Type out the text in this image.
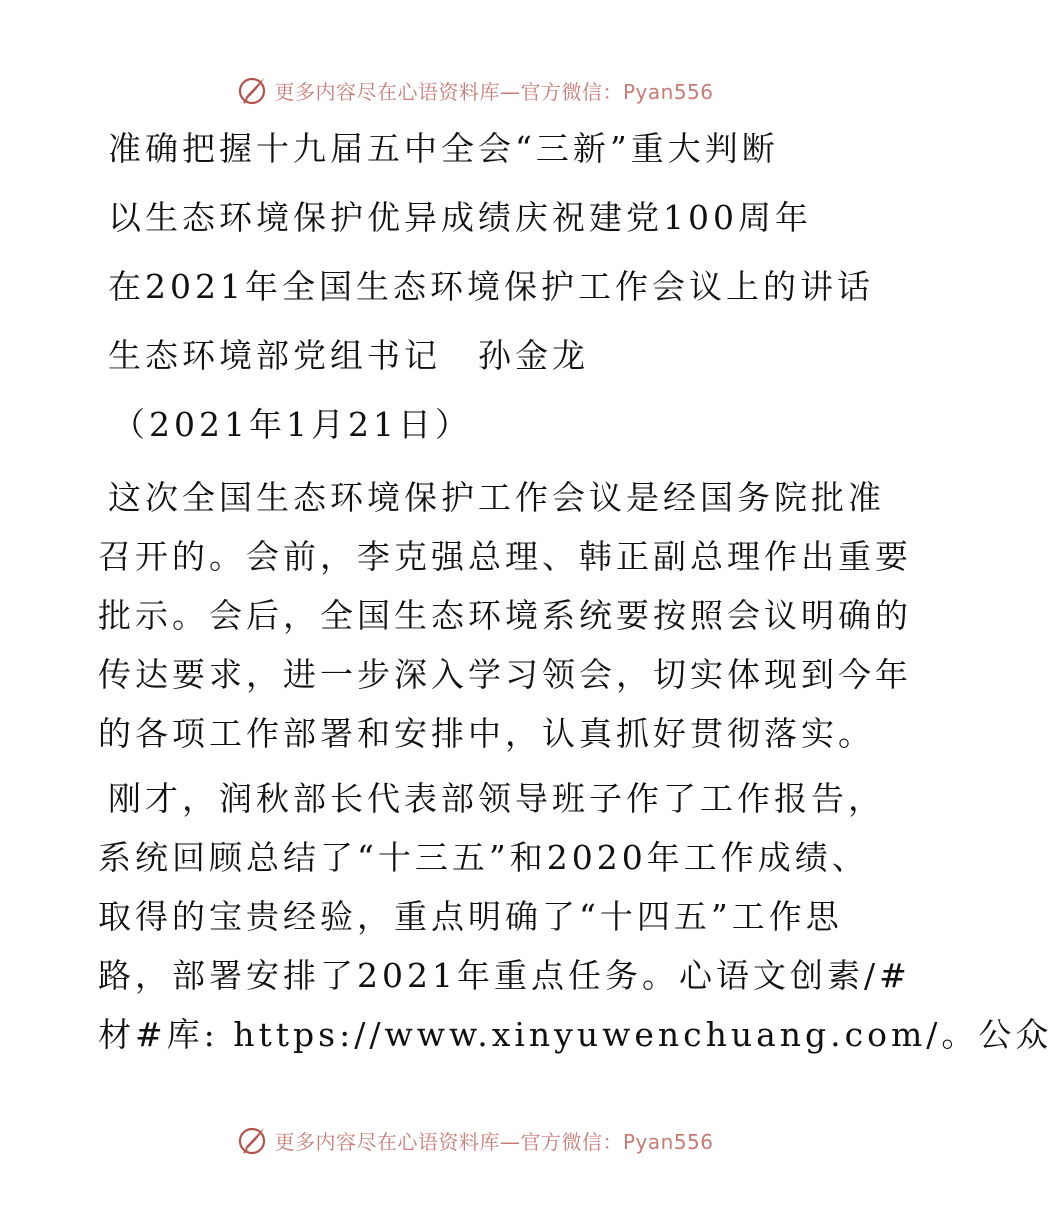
更多内容尽在心语资料库—官方微信：Pyan556
准确把握十九届五中全会“三新”重大判断
以生态环境保护优异成绩庆祝建党100周年
在2021年全国生态环境保护工作会议上的讲话
生态环境部党组书记　孙金龙
（2021年1月21日）
这次全国生态环境保护工作会议是经国务院批准
召开的。会前，李克强总理、韩正副总理作出重要
批示。会后，全国生态环境系统要按照会议明确的
传达要求，进一步深入学习领会，切实体现到今年
的各项工作部署和安排中，认真抓好贯彻落实。
刚才，润秋部长代表部领导班子作了工作报告，
系统回顾总结了“十三五”和2020年工作成绩、
取得的宝贵经验，重点明确了“十四五”工作思
路，部署安排了2021年重点任务。心语文创素/#
材#库: https://www.xinyuwenchuang.com/。公众
更多内容尽在心语资料库—官方微信：Pyan556
